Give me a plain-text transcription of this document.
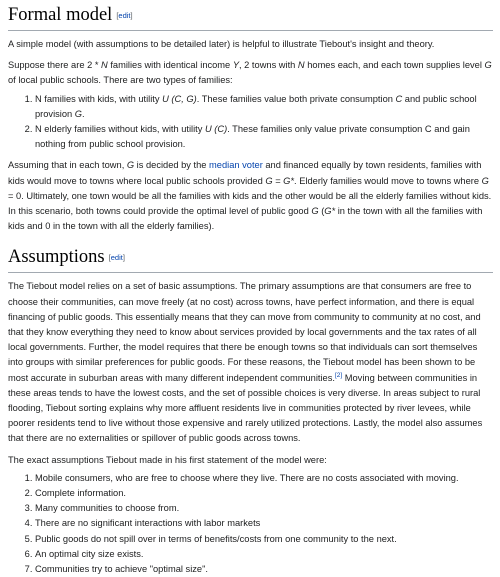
Formal model [edit]

A simple model (with assumptions to be detailed later) is helpful to illustrate Tiebout's insight and theory.

Suppose there are 2 * N families with identical income Y, 2 towns with N homes each, and each town supplies level G of local public schools. There are two types of families:

1. N families with kids, with utility U (C, G). These families value both private consumption C and public school provision G.
2. N elderly families without kids, with utility U (C). These families only value private consumption C and gain nothing from public school provision.

Assuming that in each town, G is decided by the median voter and financed equally by town residents, families with kids would move to towns where local public schools provided G = G*. Elderly families would move to towns where G = 0. Ultimately, one town would be all the families with kids and the other would be all the elderly families without kids. In this scenario, both towns could provide the optimal level of public good G (G* in the town with all the families with kids and 0 in the town with all the elderly families).

Assumptions [edit]

The Tiebout model relies on a set of basic assumptions. The primary assumptions are that consumers are free to choose their communities, can move freely (at no cost) across towns, have perfect information, and there is equal financing of public goods. This essentially means that they can move from community to community at no cost, and that they know everything they need to know about services provided by local governments and the tax rates of all local governments. Further, the model requires that there be enough towns so that individuals can sort themselves into groups with similar preferences for public goods. For these reasons, the Tiebout model has been shown to be most accurate in suburban areas with many different independent communities.[2] Moving between communities in these areas tends to have the lowest costs, and the set of possible choices is very diverse. In areas subject to rural flooding, Tiebout sorting explains why more affluent residents live in communities protected by river levees, while poorer residents tend to live without those expensive and rarely utilized protections. Lastly, the model also assumes that there are no externalities or spillover of public goods across towns.

The exact assumptions Tiebout made in his first statement of the model were:

1. Mobile consumers, who are free to choose where they live. There are no costs associated with moving.
2. Complete information.
3. Many communities to choose from.
4. There are no significant interactions with labor markets
5. Public goods do not spill over in terms of benefits/costs from one community to the next.
6. An optimal city size exists.
7. Communities try to achieve "optimal size".
